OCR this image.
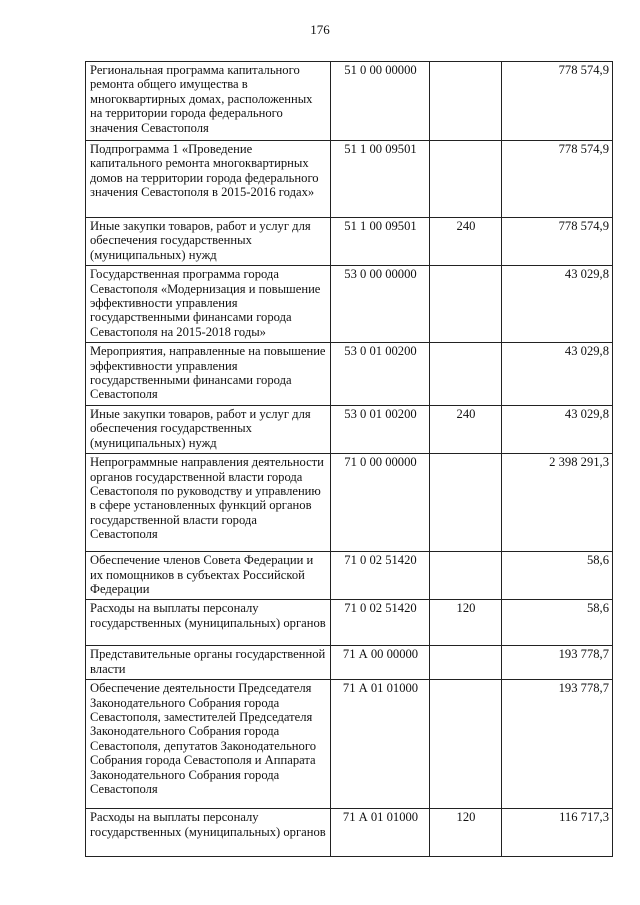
176
Региональная программа капитального ремонта общего имущества в многоквартирных домах, расположенных на территории города федерального значения Севастополя	51 0 00 00000		778 574,9
Подпрограмма 1 «Проведение капитального ремонта многоквартирных домов на территории города федерального значения Севастополя в 2015-2016 годах»	51 1 00 09501		778 574,9
Иные закупки товаров, работ и услуг для обеспечения государственных (муниципальных) нужд	51 1 00 09501	240	778 574,9
Государственная программа города Севастополя «Модернизация и повышение эффективности управления государственными финансами города Севастополя на 2015-2018 годы»	53 0 00 00000		43 029,8
Мероприятия, направленные на повышение эффективности управления государственными финансами города Севастополя	53 0 01 00200		43 029,8
Иные закупки товаров, работ и услуг для обеспечения государственных (муниципальных) нужд	53 0 01 00200	240	43 029,8
Непрограммные направления деятельности органов государственной власти города Севастополя по руководству и управлению в сфере установленных функций органов государственной власти города Севастополя	71 0 00 00000		2 398 291,3
Обеспечение членов Совета Федерации и их помощников в субъектах Российской Федерации	71 0 02 51420		58,6
Расходы на выплаты персоналу государственных (муниципальных) органов	71 0 02 51420	120	58,6
Представительные органы государственной власти	71 А 00 00000		193 778,7
Обеспечение деятельности Председателя Законодательного Собрания города Севастополя, заместителей Председателя Законодательного Собрания города Севастополя, депутатов Законодательного Собрания города Севастополя и Аппарата Законодательного Собрания города Севастополя	71 А 01 01000		193 778,7
Расходы на выплаты персоналу государственных (муниципальных) органов	71 А 01 01000	120	116 717,3
